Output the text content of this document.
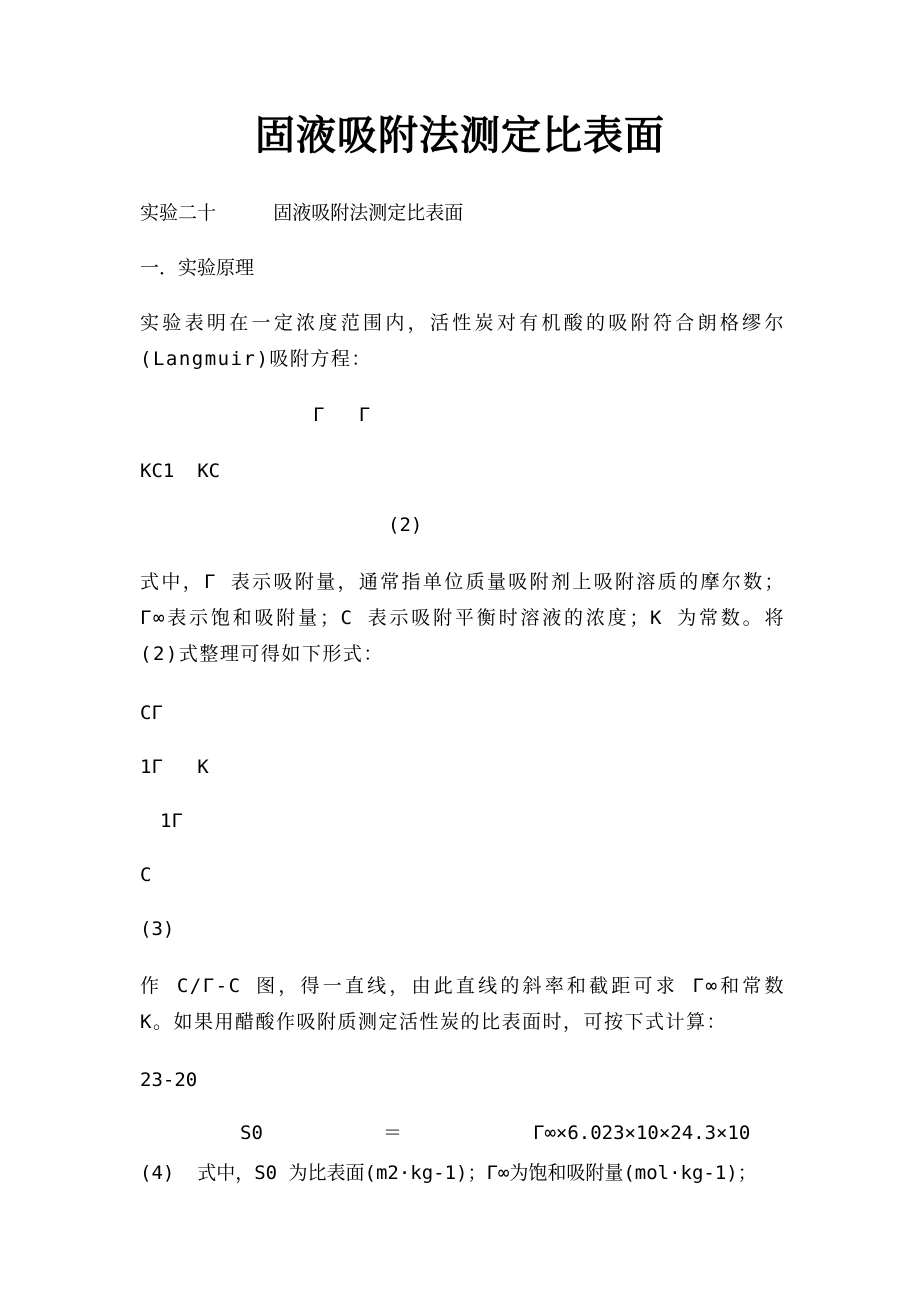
固液吸附法测定比表面
实验二十     固液吸附法测定比表面
一．实验原理
实验表明在一定浓度范围内，活性炭对有机酸的吸附符合朗格缪尔(Langmuir)吸附方程：
Γ   Γ
KC1  KC
(2)
式中，Γ 表示吸附量，通常指单位质量吸附剂上吸附溶质的摩尔数；Γ∞表示饱和吸附量；C 表示吸附平衡时溶液的浓度；K 为常数。将(2)式整理可得如下形式：
CΓ
1Γ   K
1Γ
C
(3)
作 C/Γ-C 图，得一直线，由此直线的斜率和截距可求 Γ∞和常数 K。如果用醋酸作吸附质测定活性炭的比表面时，可按下式计算：
23-20
S0	＝	Γ∞×6.023×10×24.3×10
(4)  式中，S0 为比表面(m2·kg-1)；Γ∞为饱和吸附量(mol·kg-1)；
